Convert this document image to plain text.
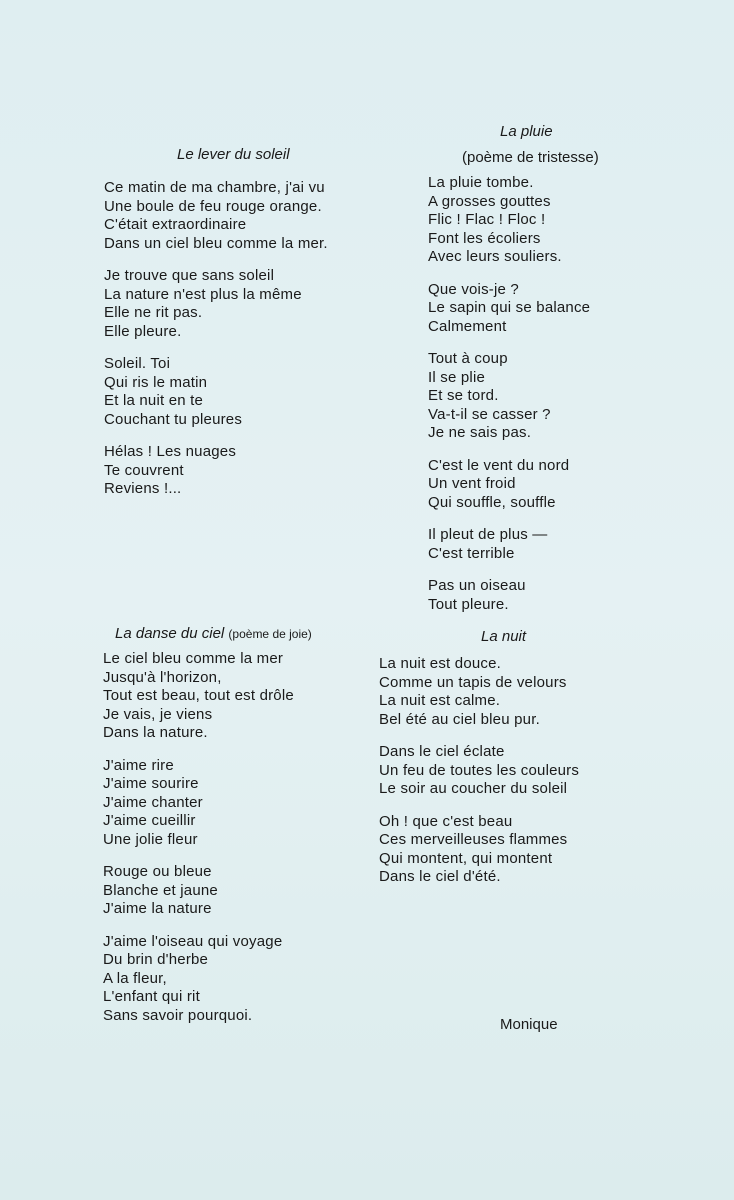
Le lever du soleil
Ce matin de ma chambre, j'ai vu
Une boule de feu rouge orange.
C'était extraordinaire
Dans un ciel bleu comme la mer.
Je trouve que sans soleil
La nature n'est plus la même
Elle ne rit pas.
Elle pleure.
Soleil. Toi
Qui ris le matin
Et la nuit en te
Couchant tu pleures
Hélas ! Les nuages
Te couvrent
Reviens !...
La pluie
(poème de tristesse)
La pluie tombe.
A grosses gouttes
Flic ! Flac ! Floc !
Font les écoliers
Avec leurs souliers.
Que vois-je ?
Le sapin qui se balance
Calmement
Tout à coup
Il se plie
Et se tord.
Va-t-il se casser ?
Je ne sais pas.
C'est le vent du nord
Un vent froid
Qui souffle, souffle
Il pleut de plus —
C'est terrible
Pas un oiseau
Tout pleure.
La danse du ciel (poème de joie)
Le ciel bleu comme la mer
Jusqu'à l'horizon,
Tout est beau, tout est drôle
Je vais, je viens
Dans la nature.
J'aime rire
J'aime sourire
J'aime chanter
J'aime cueillir
Une jolie fleur
Rouge ou bleue
Blanche et jaune
J'aime la nature
J'aime l'oiseau qui voyage
Du brin d'herbe
A la fleur,
L'enfant qui rit
Sans savoir pourquoi.
La nuit
La nuit est douce.
Comme un tapis de velours
La nuit est calme.
Bel été au ciel bleu pur.
Dans le ciel éclate
Un feu de toutes les couleurs
Le soir au coucher du soleil
Oh ! que c'est beau
Ces merveilleuses flammes
Qui montent, qui montent
Dans le ciel d'été.
Monique
